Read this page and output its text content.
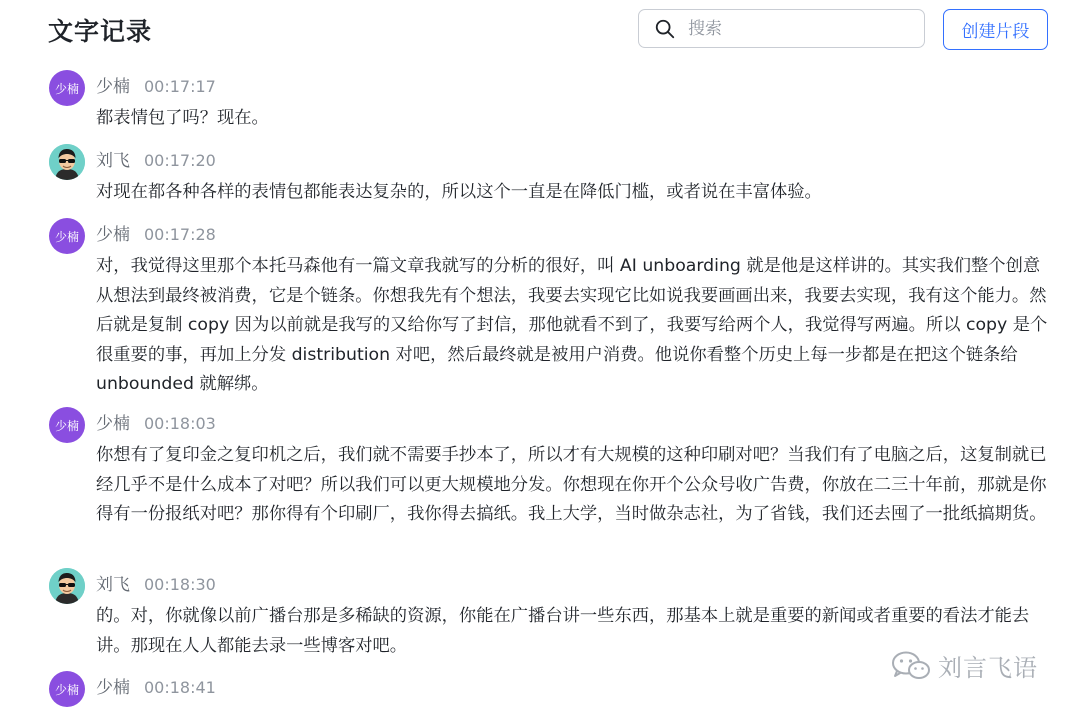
文字记录
搜索	创建片段
少楠 少楠 00:17:17
都表情包了吗？现在。
刘飞 00:17:20
对现在都各种各样的表情包都能表达复杂的，所以这个一直是在降低门槛，或者说在丰富体验。
少楠 少楠 00:17:28
对，我觉得这里那个本托马森他有一篇文章我就写的分析的很好，叫 AI unboarding 就是他是这样讲的。其实我们整个创意从想法到最终被消费，它是个链条。你想我先有个想法，我要去实现它比如说我要画画出来，我要去实现，我有这个能力。然后就是复制 copy 因为以前就是我写的又给你写了封信，那他就看不到了，我要写给两个人，我觉得写两遍。所以 copy 是个很重要的事，再加上分发 distribution 对吧，然后最终就是被用户消费。他说你看整个历史上每一步都是在把这个链条给 unbounded 就解绑。
少楠 少楠 00:18:03
你想有了复印金之复印机之后，我们就不需要手抄本了，所以才有大规模的这种印刷对吧？当我们有了电脑之后，这复制就已经几乎不是什么成本了对吧？所以我们可以更大规模地分发。你想现在你开个公众号收广告费，你放在二三十年前，那就是你得有一份报纸对吧？那你得有个印刷厂，我你得去搞纸。我上大学，当时做杂志社，为了省钱，我们还去囤了一批纸搞期货。
刘飞 00:18:30
的。对，你就像以前广播台那是多稀缺的资源，你能在广播台讲一些东西，那基本上就是重要的新闻或者重要的看法才能去讲。那现在人人都能去录一些博客对吧。
少楠 少楠 00:18:41
刘言飞语
